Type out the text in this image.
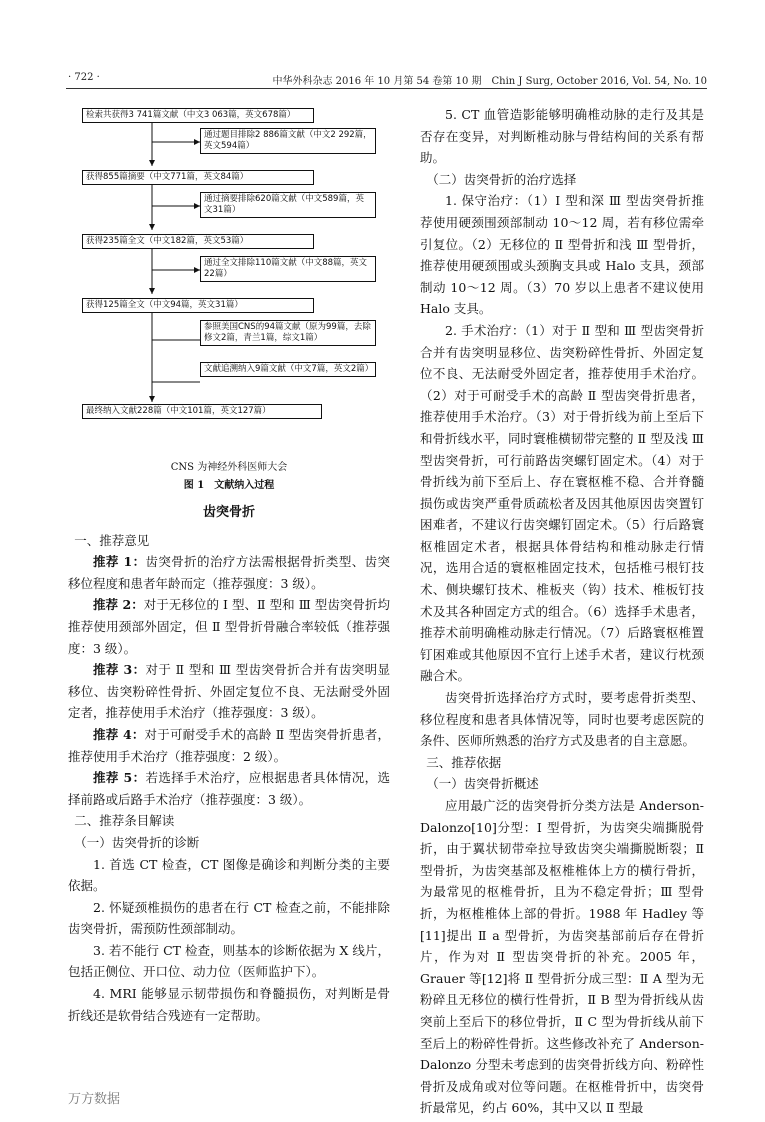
· 722 ·	中华外科杂志 2016 年 10 月第 54 卷第 10 期　Chin J Surg, October 2016, Vol. 54, No. 10
检索共获得3 741篇文献（中文3 063篇，英文678篇）
通过题目排除2 886篇文献（中文2 292篇，英文594篇）
获得855篇摘要（中文771篇，英文84篇）
通过摘要排除620篇文献（中文589篇，英文31篇）
获得235篇全文（中文182篇，英文53篇）
通过全文排除110篇文献（中文88篇，英文22篇）
获得125篇全文（中文94篇，英文31篇）
参照美国CNS的94篇文献（原为99篇，去除修文2篇，青兰1篇，综文1篇）
文献追溯纳入9篇文献（中文7篇，英文2篇）
最终纳入文献228篇（中文101篇，英文127篇）
CNS 为神经外科医师大会
图 1　文献纳入过程

齿突骨折

一、推荐意见

推荐 1：齿突骨折的治疗方法需根据骨折类型、齿突移位程度和患者年龄而定（推荐强度：3 级）。

推荐 2：对于无移位的 Ⅰ 型、Ⅱ 型和 Ⅲ 型齿突骨折均推荐使用颈部外固定，但 Ⅱ 型骨折骨融合率较低（推荐强度：3 级）。

推荐 3：对于 Ⅱ 型和 Ⅲ 型齿突骨折合并有齿突明显移位、齿突粉碎性骨折、外固定复位不良、无法耐受外固定者，推荐使用手术治疗（推荐强度：3 级）。

推荐 4：对于可耐受手术的高龄 Ⅱ 型齿突骨折患者，推荐使用手术治疗（推荐强度：2 级）。

推荐 5：若选择手术治疗，应根据患者具体情况，选择前路或后路手术治疗（推荐强度：3 级）。

二、推荐条目解读

（一）齿突骨折的诊断

1. 首选 CT 检查，CT 图像是确诊和判断分类的主要依据。

2. 怀疑颈椎损伤的患者在行 CT 检查之前，不能排除齿突骨折，需预防性颈部制动。

3. 若不能行 CT 检查，则基本的诊断依据为 X 线片，包括正侧位、开口位、动力位（医师监护下）。

4. MRI 能够显示韧带损伤和脊髓损伤，对判断是骨折线还是软骨结合残迹有一定帮助。

5. CT 血管造影能够明确椎动脉的走行及其是否存在变异，对判断椎动脉与骨结构间的关系有帮助。

（二）齿突骨折的治疗选择

1. 保守治疗：（1）Ⅰ 型和深 Ⅲ 型齿突骨折推荐使用硬颈围颈部制动 10～12 周，若有移位需牵引复位。（2）无移位的 Ⅱ 型骨折和浅 Ⅲ 型骨折，推荐使用硬颈围或头颈胸支具或 Halo 支具，颈部制动 10～12 周。（3）70 岁以上患者不建议使用 Halo 支具。

2. 手术治疗：（1）对于 Ⅱ 型和 Ⅲ 型齿突骨折合并有齿突明显移位、齿突粉碎性骨折、外固定复位不良、无法耐受外固定者，推荐使用手术治疗。（2）对于可耐受手术的高龄 Ⅱ 型齿突骨折患者，推荐使用手术治疗。（3）对于骨折线为前上至后下和骨折线水平，同时寰椎横韧带完整的 Ⅱ 型及浅 Ⅲ 型齿突骨折，可行前路齿突螺钉固定术。（4）对于骨折线为前下至后上、存在寰枢椎不稳、合并脊髓损伤或齿突严重骨质疏松者及因其他原因齿突置钉困难者，不建议行齿突螺钉固定术。（5）行后路寰枢椎固定术者，根据具体骨结构和椎动脉走行情况，选用合适的寰枢椎固定技术，包括椎弓根钉技术、侧块螺钉技术、椎板夹（钩）技术、椎板钉技术及其各种固定方式的组合。（6）选择手术患者，推荐术前明确椎动脉走行情况。（7）后路寰枢椎置钉困难或其他原因不宜行上述手术者，建议行枕颈融合术。

齿突骨折选择治疗方式时，要考虑骨折类型、移位程度和患者具体情况等，同时也要考虑医院的条件、医师所熟悉的治疗方式及患者的自主意愿。

三、推荐依据

（一）齿突骨折概述

应用最广泛的齿突骨折分类方法是 Anderson-Dalonzo[10]分型：Ⅰ 型骨折，为齿突尖端撕脱骨折，由于翼状韧带牵拉导致齿突尖端撕脱断裂；Ⅱ 型骨折，为齿突基部及枢椎椎体上方的横行骨折，为最常见的枢椎骨折，且为不稳定骨折；Ⅲ 型骨折，为枢椎椎体上部的骨折。1988 年 Hadley 等[11]提出 Ⅱ a 型骨折，为齿突基部前后存在骨折片，作为对 Ⅱ 型齿突骨折的补充。2005 年，Grauer 等[12]将 Ⅱ 型骨折分成三型：Ⅱ A 型为无粉碎且无移位的横行性骨折，Ⅱ B 型为骨折线从齿突前上至后下的移位骨折，Ⅱ C 型为骨折线从前下至后上的粉碎性骨折。这些修改补充了 Anderson-Dalonzo 分型未考虑到的齿突骨折线方向、粉碎性骨折及成角或对位等问题。在枢椎骨折中，齿突骨折最常见，约占 60%，其中又以 Ⅱ 型最

万方数据
